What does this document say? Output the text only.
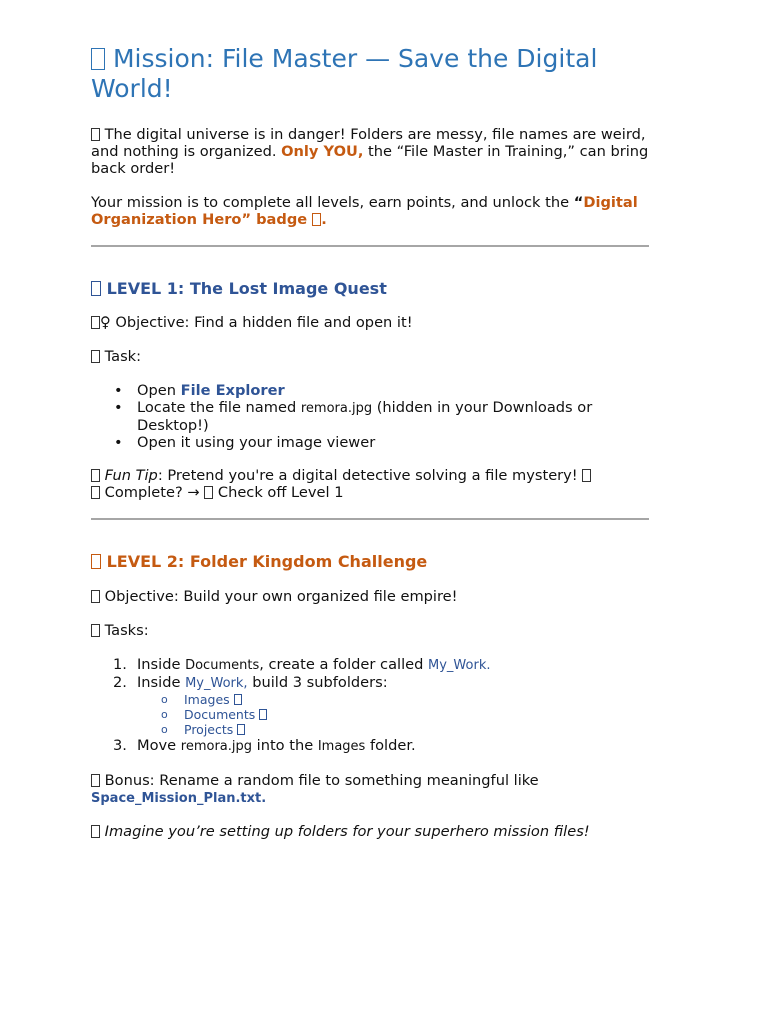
Mission: File Master — Save the Digital World!

The digital universe is in danger! Folders are messy, file names are weird, and nothing is organized. Only YOU, the “File Master in Training,” can bring back order!

Your mission is to complete all levels, earn points, and unlock the “Digital Organization Hero” badge .

LEVEL 1: The Lost Image Quest

♀ Objective: Find a hidden file and open it!

Task:

• Open File Explorer
• Locate the file named remora.jpg (hidden in your Downloads or Desktop!)
• Open it using your image viewer

Fun Tip: Pretend you're a digital detective solving a file mystery!

Complete? →  Check off Level 1

LEVEL 2: Folder Kingdom Challenge

Objective: Build your own organized file empire!

Tasks:

1. Inside Documents, create a folder called My_Work.
2. Inside My_Work, build 3 subfolders:
o Images
o Documents
o Projects
3. Move remora.jpg into the Images folder.

Bonus: Rename a random file to something meaningful like

Space_Mission_Plan.txt.

Imagine you’re setting up folders for your superhero mission files!
